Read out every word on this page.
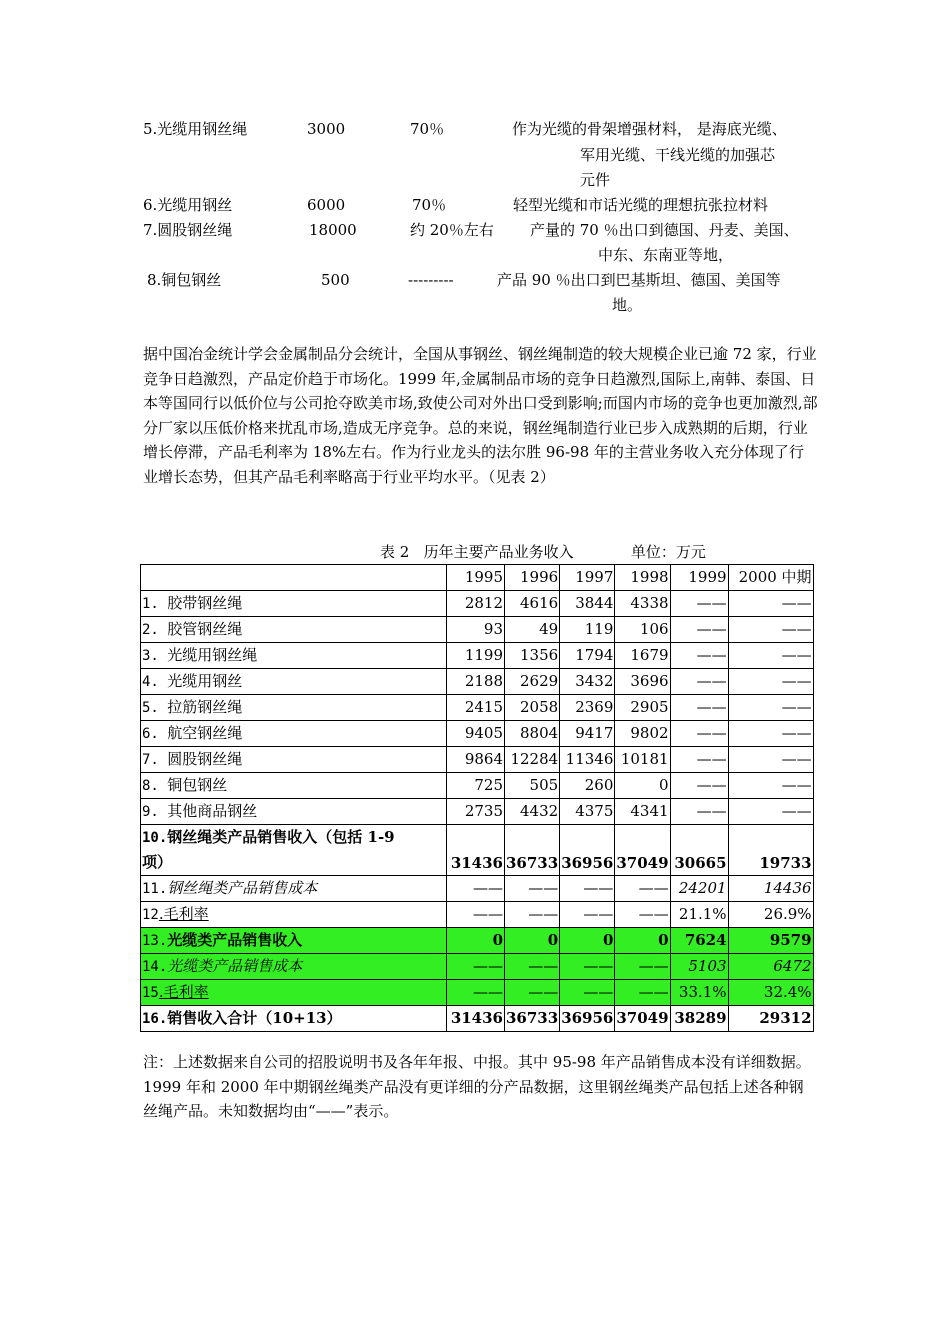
5.光缆用钢丝绳	3000	70％	作为光缆的骨架增强材料， 是海底光缆、
军用光缆、干线光缆的加强芯
元件
6.光缆用钢丝	6000	70％	轻型光缆和市话光缆的理想抗张拉材料
7.圆股钢丝绳	18000	约 20％左右 产量的 70 ％出口到德国、丹麦、美国、
中东、东南亚等地，
8.铜包钢丝	500	---------	产品 90 ％出口到巴基斯坦、德国、美国等
地。
据中国冶金统计学会金属制品分会统计，全国从事钢丝、钢丝绳制造的较大规模企业已逾 72 家，行业竞争日趋激烈，产品定价趋于市场化。1999 年,金属制品市场的竞争日趋激烈,国际上,南韩、泰国、日本等国同行以低价位与公司抢夺欧美市场,致使公司对外出口受到影响;而国内市场的竞争也更加激烈,部分厂家以压低价格来扰乱市场,造成无序竞争。总的来说，钢丝绳制造行业已步入成熟期的后期，行业增长停滞，产品毛利率为 18%左右。作为行业龙头的法尔胜 96-98 年的主营业务收入充分体现了行业增长态势，但其产品毛利率略高于行业平均水平。（见表 2）
表 2   历年主要产品业务收入	单位：万元
	1995	1996	1997	1998	1999	2000 中期
1. 胶带钢丝绳	2812	4616	3844	4338	——	——
2. 胶管钢丝绳	93	49	119	106	——	——
3. 光缆用钢丝绳	1199	1356	1794	1679	——	——
4. 光缆用钢丝	2188	2629	3432	3696	——	——
5. 拉筋钢丝绳	2415	2058	2369	2905	——	——
6. 航空钢丝绳	9405	8804	9417	9802	——	——
7. 圆股钢丝绳	9864	12284	11346	10181	——	——
8. 铜包钢丝	725	505	260	0	——	——
9. 其他商品钢丝	2735	4432	4375	4341	——	——
10.钢丝绳类产品销售收入（包括 1-9
项）	31436	36733	36956	37049	30665	19733
11.钢丝绳类产品销售成本	——	——	——	——	24201	14436
12.毛利率	——	——	——	——	21.1%	26.9%
13.光缆类产品销售收入	0	0	0	0	7624	9579
14.光缆类产品销售成本	——	——	——	——	5103	6472
15.毛利率	——	——	——	——	33.1%	32.4%
16.销售收入合计（10+13）	31436	36733	36956	37049	38289	29312
注：上述数据来自公司的招股说明书及各年年报、中报。其中 95-98 年产品销售成本没有详细数据。1999 年和 2000 年中期钢丝绳类产品没有更详细的分产品数据，这里钢丝绳类产品包括上述各种钢丝绳产品。未知数据均由“——”表示。
